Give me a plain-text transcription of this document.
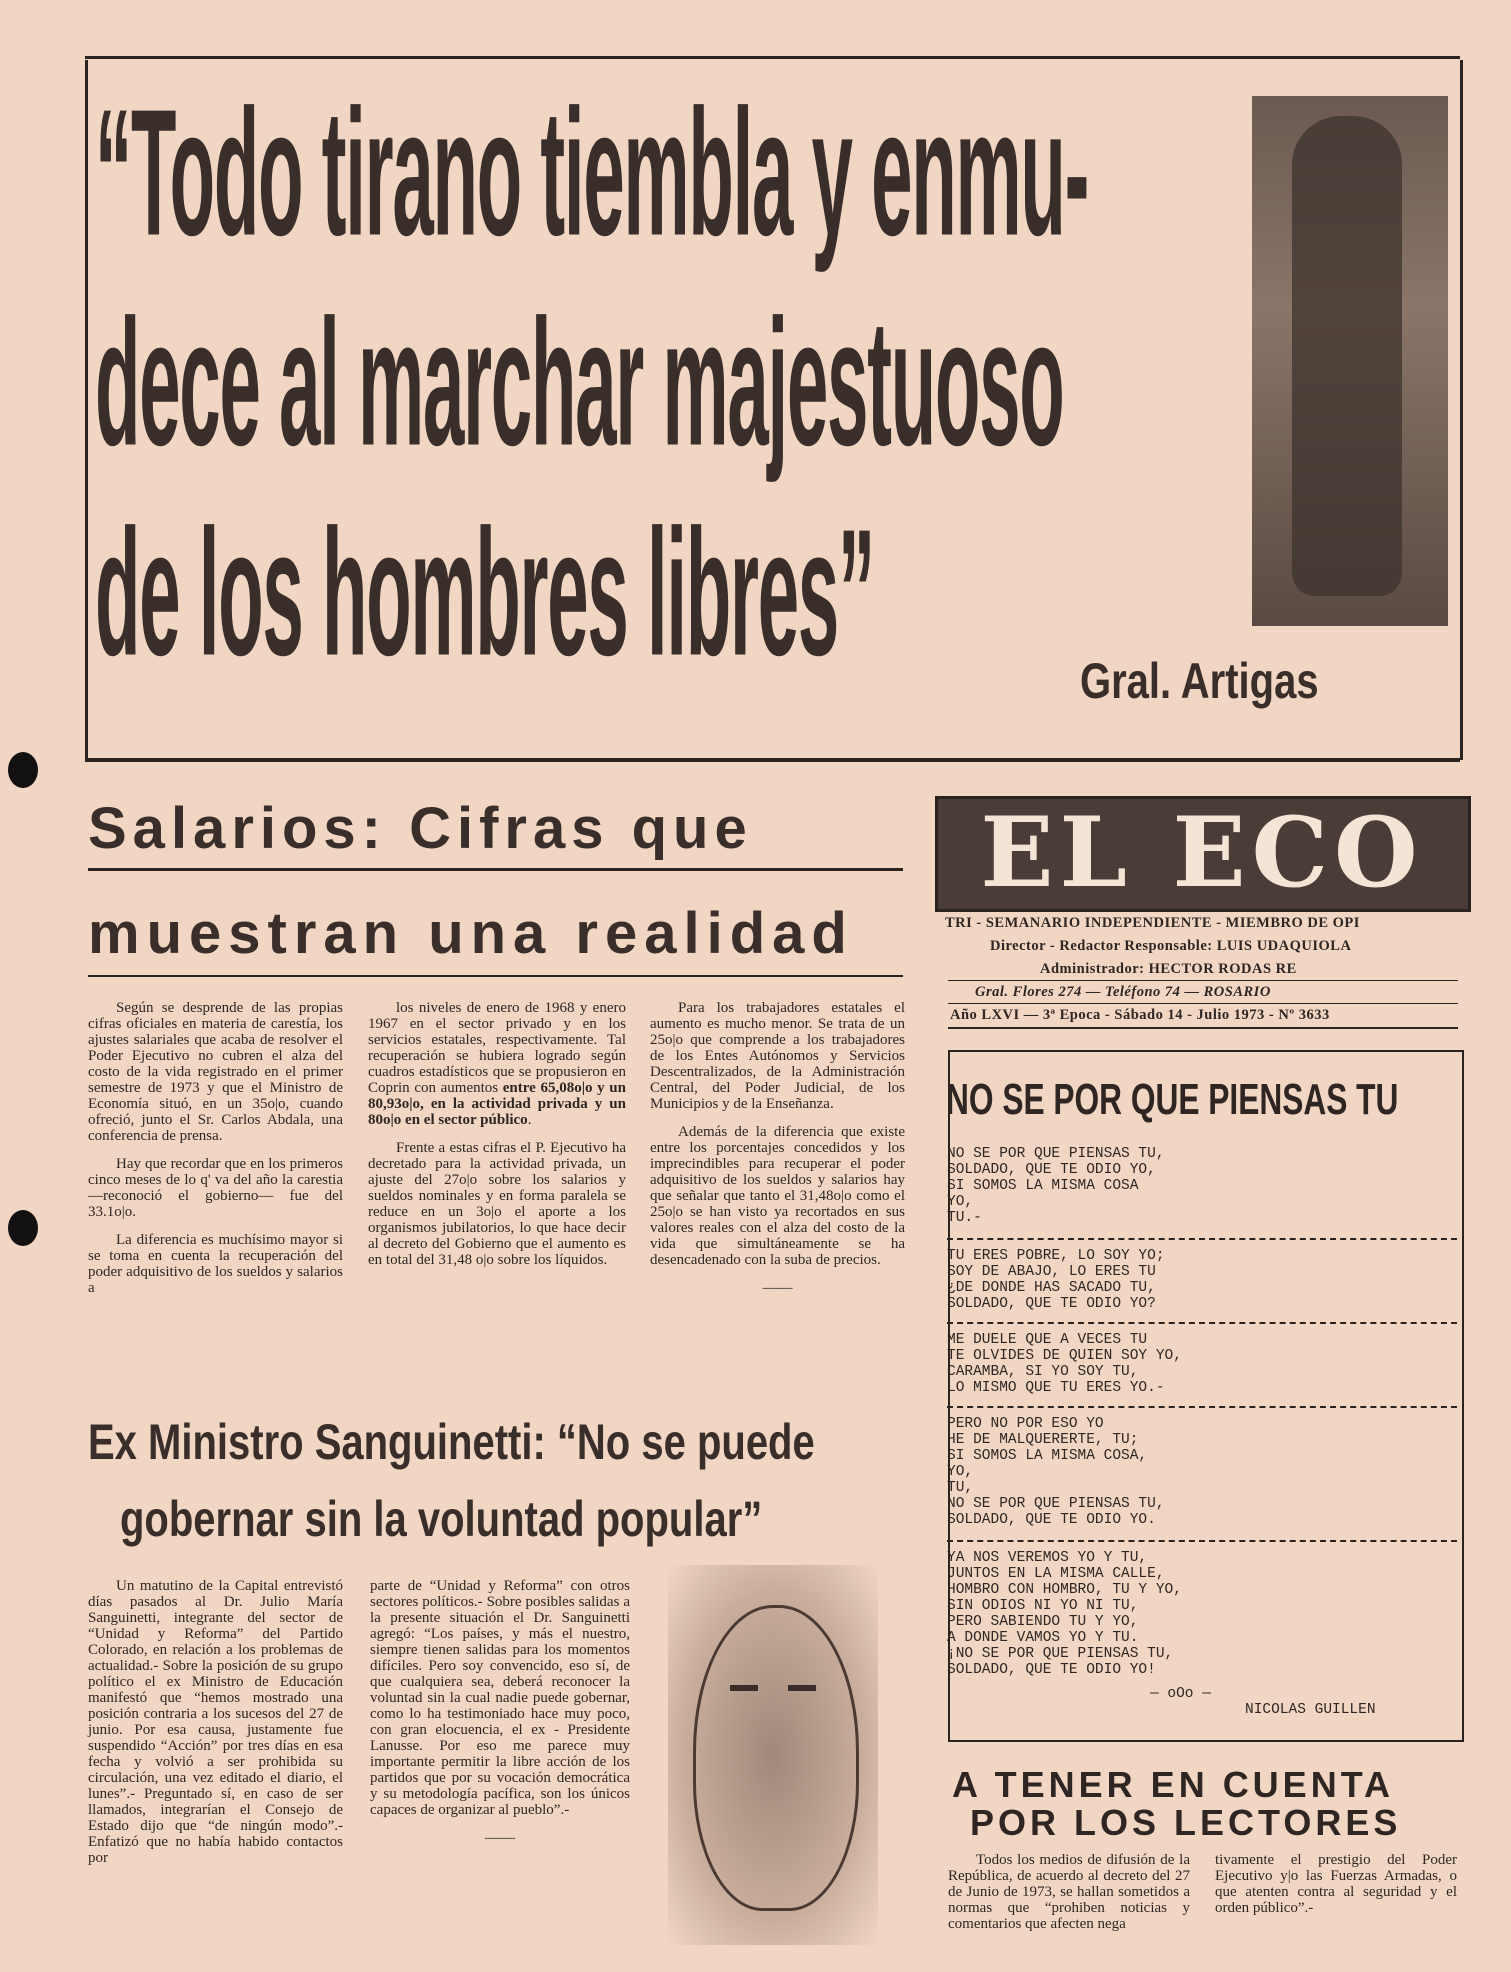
“Todo tirano tiembla y enmu-
dece al marchar majestuoso
de los hombres libres”	Gral. Artigas
Salarios: Cifras que
muestran una realidad

Según se desprende de las propias cifras oficiales en materia de carestía, los ajustes salariales que acaba de resolver el Poder Ejecutivo no cubren el alza del costo de la vida registrado en el primer semestre de 1973 y que el Ministro de Economía situó, en un 35o|o, cuando ofreció, junto el Sr. Carlos Abdala, una conferencia de prensa.

Hay que recordar que en los primeros cinco meses de lo q' va del año la carestia —reconoció el gobierno— fue del 33.1o|o.

La diferencia es muchísimo mayor si se toma en cuenta la recuperación del poder adquisitivo de los sueldos y salarios a

los niveles de enero de 1968 y enero 1967 en el sector privado y en los servicios estatales, respectivamente. Tal recuperación se hubiera logrado según cuadros estadísticos que se propusieron en Coprin con aumentos entre 65,08o|o y un 80,93o|o, en la actividad privada y un 80o|o en el sector público.

Frente a estas cifras el P. Ejecutivo ha decretado para la actividad privada, un ajuste del 27o|o sobre los salarios y sueldos nominales y en forma paralela se reduce en un 3o|o el aporte a los organismos jubilatorios, lo que hace decir al decreto del Gobierno que el aumento es en total del 31,48 o|o sobre los líquidos.

Para los trabajadores estatales el aumento es mucho menor. Se trata de un 25o|o que comprende a los trabajadores de los Entes Autónomos y Servicios Descentralizados, de la Administración Central, del Poder Judicial, de los Municipios y de la Enseñanza.

Además de la diferencia que existe entre los porcentajes concedidos y los imprecindibles para recuperar el poder adquisitivo de los sueldos y salarios hay que señalar que tanto el 31,48o|o como el 25o|o se han visto ya recortados en sus valores reales con el alza del costo de la vida que simultáneamente se ha desencadenado con la suba de precios.

——
EL ECO
TRI - SEMANARIO INDEPENDIENTE - MIEMBRO DE OPI
Director - Redactor Responsable: LUIS UDAQUIOLA
Administrador: HECTOR RODAS RE
Gral. Flores 274 — Teléfono 74 — ROSARIO
Año LXVI — 3ª Epoca - Sábado 14 - Julio 1973 - Nº 3633
NO SE POR QUE PIENSAS TU
NO SE POR QUE PIENSAS TU,
SOLDADO, QUE TE ODIO YO,
SI SOMOS LA MISMA COSA
YO,
TU.-
TU ERES POBRE, LO SOY YO;
SOY DE ABAJO, LO ERES TU
¿DE DONDE HAS SACADO TU,
SOLDADO, QUE TE ODIO YO?
ME DUELE QUE A VECES TU
TE OLVIDES DE QUIEN SOY YO,
CARAMBA, SI YO SOY TU,
LO MISMO QUE TU ERES YO.-
PERO NO POR ESO YO
HE DE MALQUERERTE, TU;
SI SOMOS LA MISMA COSA,
YO,
TU,
NO SE POR QUE PIENSAS TU,
SOLDADO, QUE TE ODIO YO.
YA NOS VEREMOS YO Y TU,
JUNTOS EN LA MISMA CALLE,
HOMBRO CON HOMBRO, TU Y YO,
SIN ODIOS NI YO NI TU,
PERO SABIENDO TU Y YO,
A DONDE VAMOS YO Y TU.
¡NO SE POR QUE PIENSAS TU,
SOLDADO, QUE TE ODIO YO!
— oOo —
NICOLAS GUILLEN
Ex Ministro Sanguinetti: “No se puede
gobernar sin la voluntad popular”

Un matutino de la Capital entrevistó días pasados al Dr. Julio María Sanguinetti, integrante del sector de “Unidad y Reforma” del Partido Colorado, en relación a los problemas de actualidad.- Sobre la posición de su grupo político el ex Ministro de Educación manifestó que “hemos mostrado una posición contraria a los sucesos del 27 de junio. Por esa causa, justamente fue suspendido “Acción” por tres días en esa fecha y volvió a ser prohibida su circulación, una vez editado el diario, el lunes”.- Preguntado sí, en caso de ser llamados, integrarían el Consejo de Estado dijo que “de ningún modo”.- Enfatizó que no había habido contactos por

parte de “Unidad y Reforma” con otros sectores políticos.- Sobre posibles salidas a la presente situación el Dr. Sanguinetti agregó: “Los países, y más el nuestro, siempre tienen salidas para los momentos difíciles. Pero soy convencido, eso sí, de que cualquiera sea, deberá reconocer la voluntad sin la cual nadie puede gobernar, como lo ha testimoniado hace muy poco, con gran elocuencia, el ex - Presidente Lanusse. Por eso me parece muy importante permitir la libre acción de los partidos que por su vocación democrática y su metodología pacífica, son los únicos capaces de organizar al pueblo”.-

——
A TENER EN CUENTA
POR LOS LECTORES

Todos los medios de difusión de la República, de acuerdo al decreto del 27 de Junio de 1973, se hallan sometidos a normas que “prohiben noticias y comentarios que afecten nega

tivamente el prestigio del Poder Ejecutivo y|o las Fuerzas Armadas, o que atenten contra al seguridad y el orden público”.-
